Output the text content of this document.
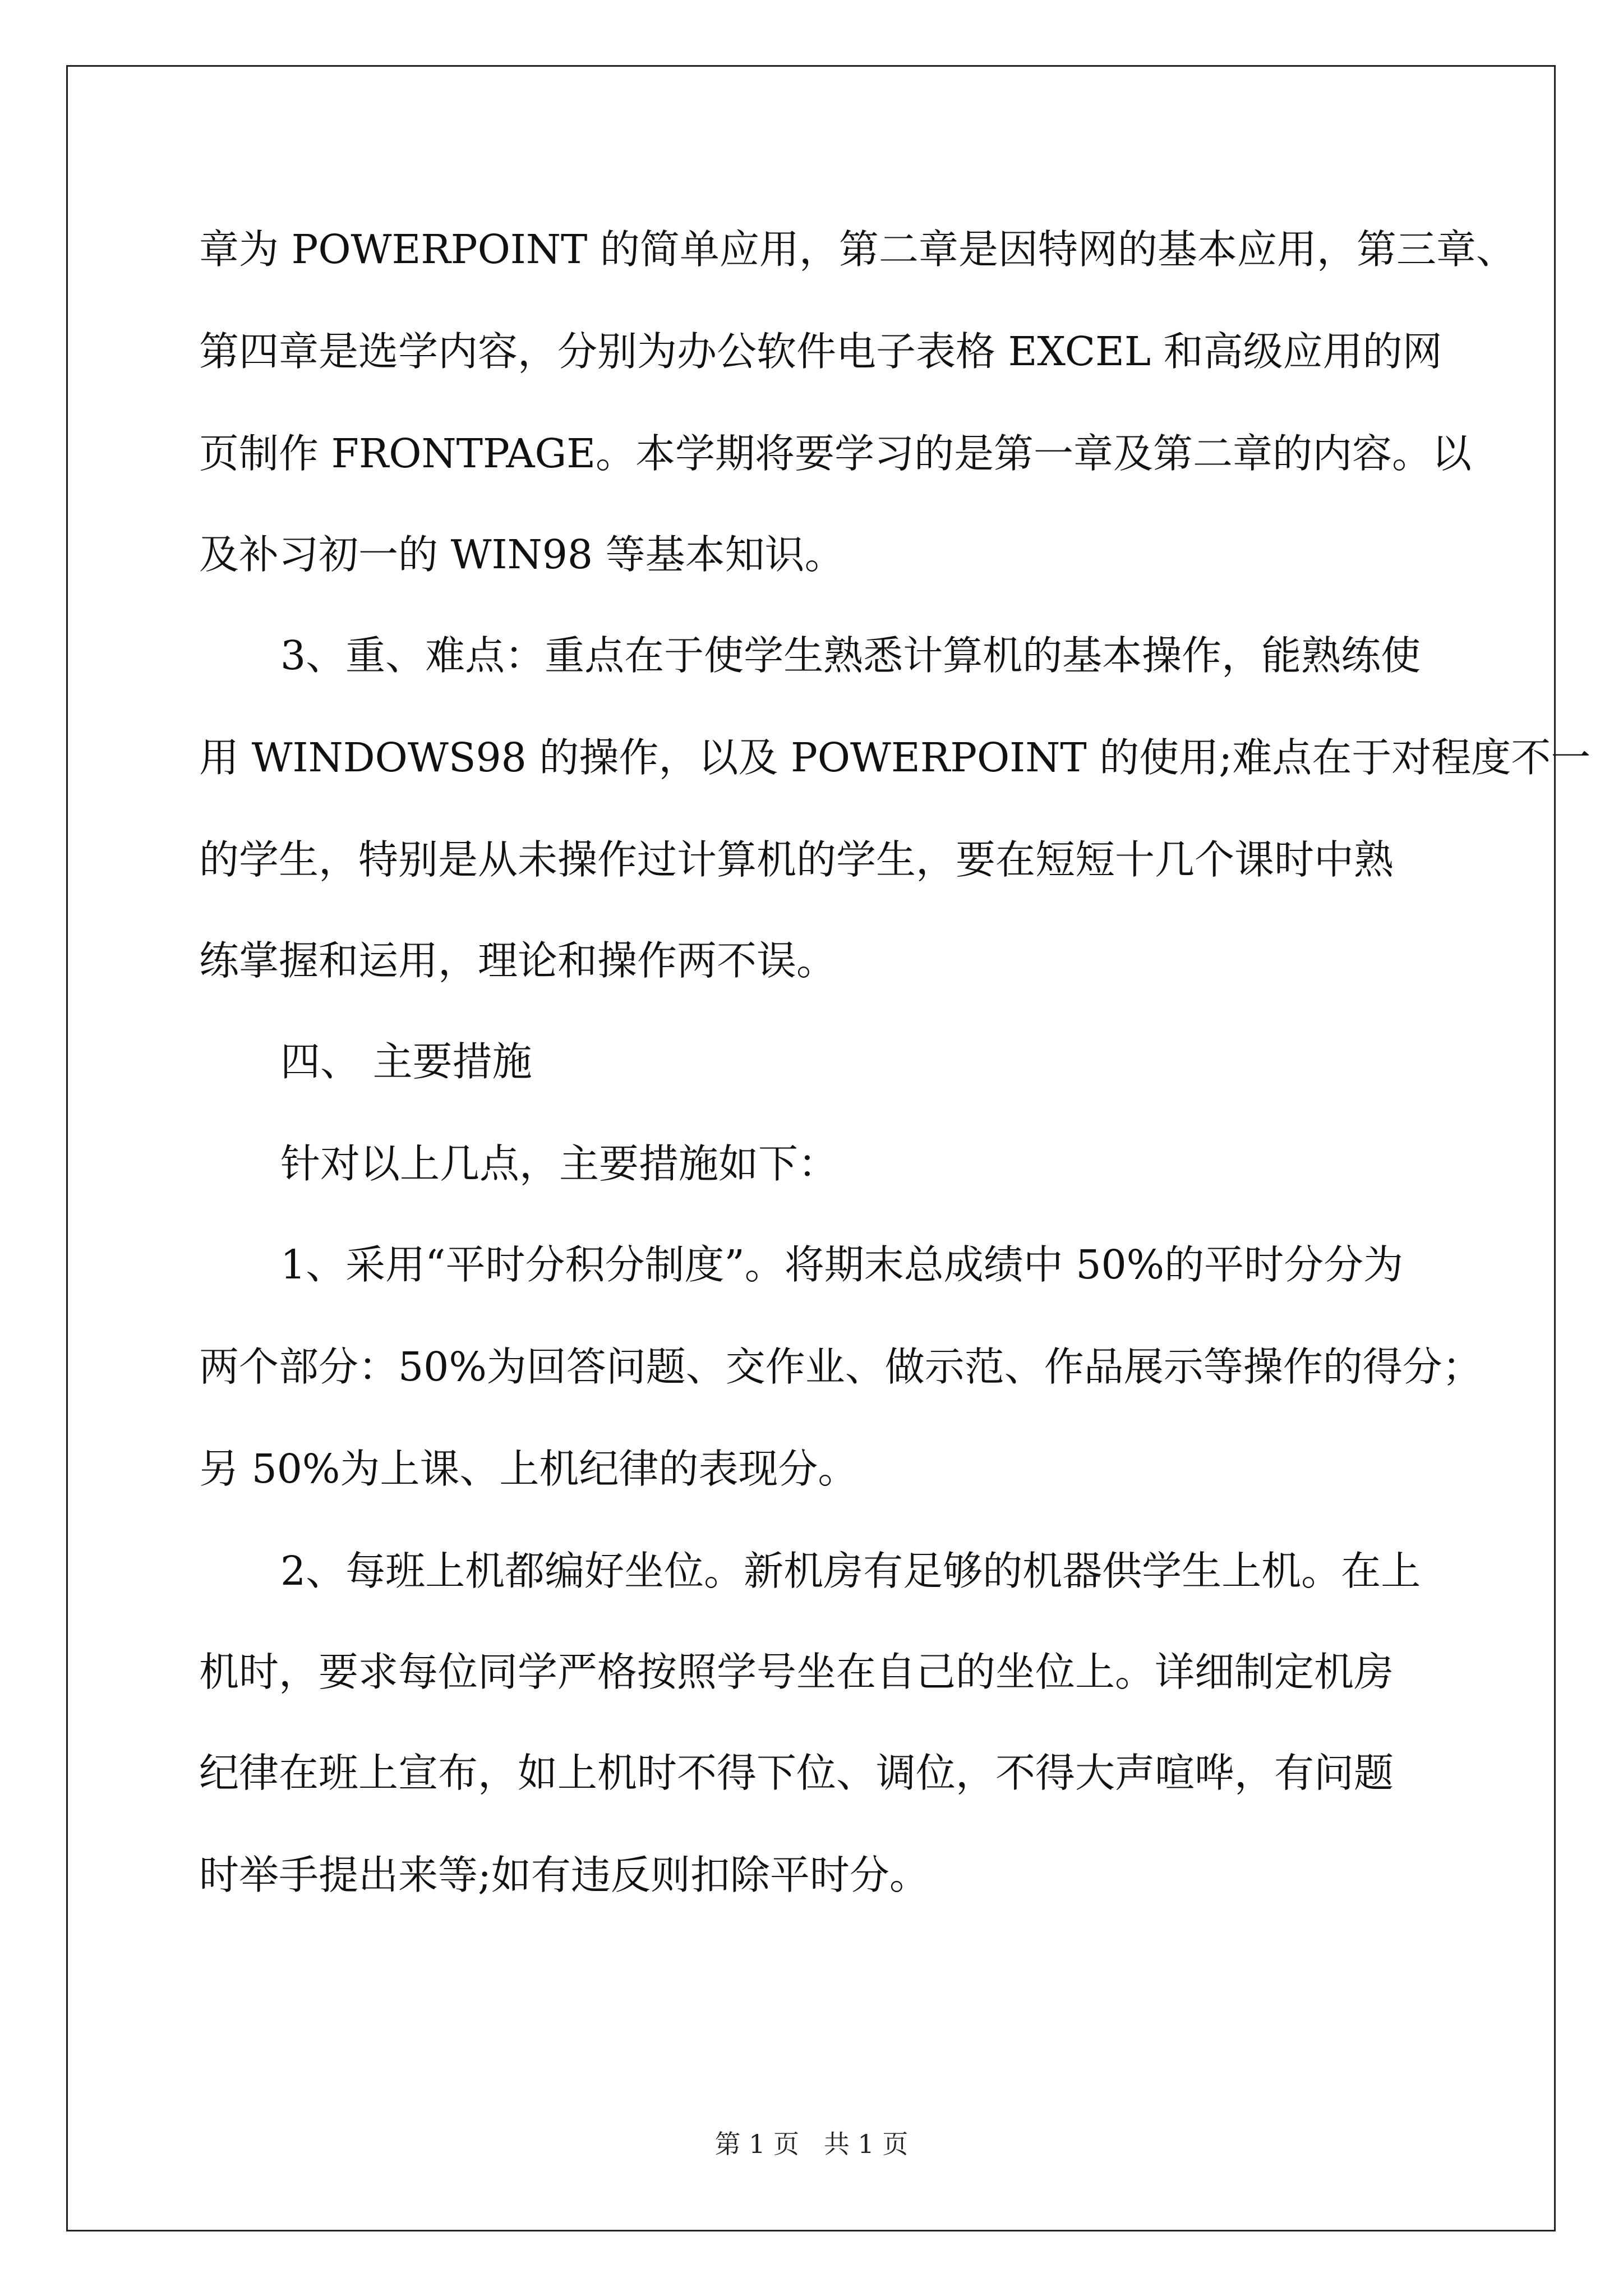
章为 POWERPOINT 的简单应用，第二章是因特网的基本应用，第三章、

第四章是选学内容，分别为办公软件电子表格 EXCEL 和高级应用的网

页制作 FRONTPAGE。本学期将要学习的是第一章及第二章的内容。以

及补习初一的 WIN98 等基本知识。

3、重、难点：重点在于使学生熟悉计算机的基本操作，能熟练使

用 WINDOWS98 的操作，以及 POWERPOINT 的使用;难点在于对程度不一

的学生，特别是从未操作过计算机的学生，要在短短十几个课时中熟

练掌握和运用，理论和操作两不误。

四、 主要措施

针对以上几点，主要措施如下：

1、采用“平时分积分制度”。将期末总成绩中 50%的平时分分为

两个部分：50%为回答问题、交作业、做示范、作品展示等操作的得分；

另 50%为上课、上机纪律的表现分。

2、每班上机都编好坐位。新机房有足够的机器供学生上机。在上

机时，要求每位同学严格按照学号坐在自己的坐位上。详细制定机房

纪律在班上宣布，如上机时不得下位、调位，不得大声喧哗，有问题

时举手提出来等;如有违反则扣除平时分。

第 1 页   共 1 页
